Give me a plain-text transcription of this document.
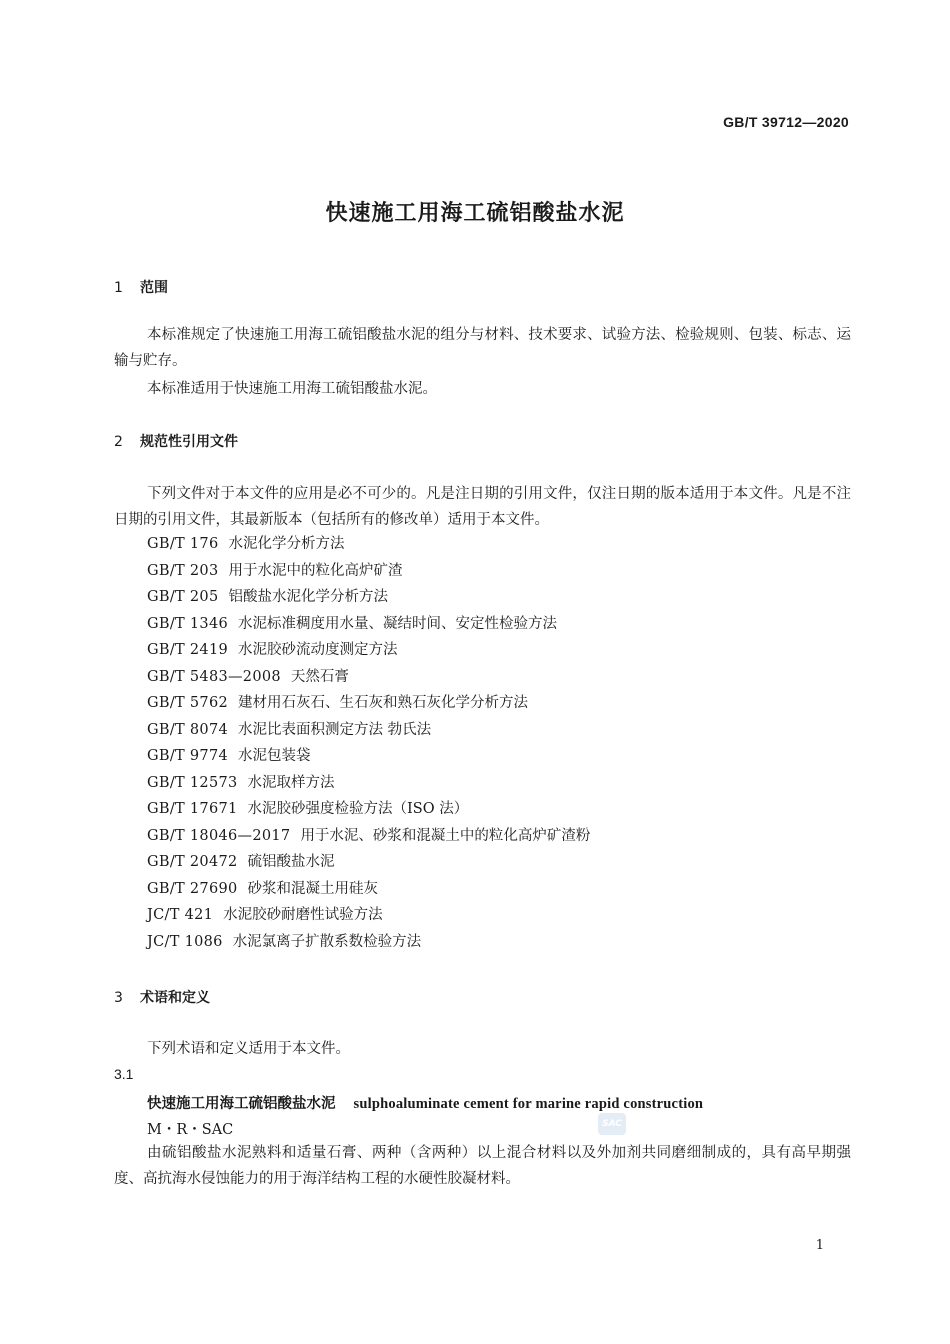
GB/T 39712—2020
快速施工用海工硫铝酸盐水泥
1 范围
本标准规定了快速施工用海工硫铝酸盐水泥的组分与材料、技术要求、试验方法、检验规则、包装、标志、运输与贮存。
本标准适用于快速施工用海工硫铝酸盐水泥。
2 规范性引用文件
下列文件对于本文件的应用是必不可少的。凡是注日期的引用文件，仅注日期的版本适用于本文件。凡是不注日期的引用文件，其最新版本（包括所有的修改单）适用于本文件。
GB/T 176 水泥化学分析方法
GB/T 203 用于水泥中的粒化高炉矿渣
GB/T 205 铝酸盐水泥化学分析方法
GB/T 1346 水泥标准稠度用水量、凝结时间、安定性检验方法
GB/T 2419 水泥胶砂流动度测定方法
GB/T 5483—2008 天然石膏
GB/T 5762 建材用石灰石、生石灰和熟石灰化学分析方法
GB/T 8074 水泥比表面积测定方法 勃氏法
GB/T 9774 水泥包装袋
GB/T 12573 水泥取样方法
GB/T 17671 水泥胶砂强度检验方法（ISO 法）
GB/T 18046—2017 用于水泥、砂浆和混凝土中的粒化高炉矿渣粉
GB/T 20472 硫铝酸盐水泥
GB/T 27690 砂浆和混凝土用硅灰
JC/T 421 水泥胶砂耐磨性试验方法
JC/T 1086 水泥氯离子扩散系数检验方法
3 术语和定义
下列术语和定义适用于本文件。
3.1
快速施工用海工硫铝酸盐水泥 sulphoaluminate cement for marine rapid construction
M・R・SAC	SAC
由硫铝酸盐水泥熟料和适量石膏、两种（含两种）以上混合材料以及外加剂共同磨细制成的，具有高早期强度、高抗海水侵蚀能力的用于海洋结构工程的水硬性胶凝材料。
1
